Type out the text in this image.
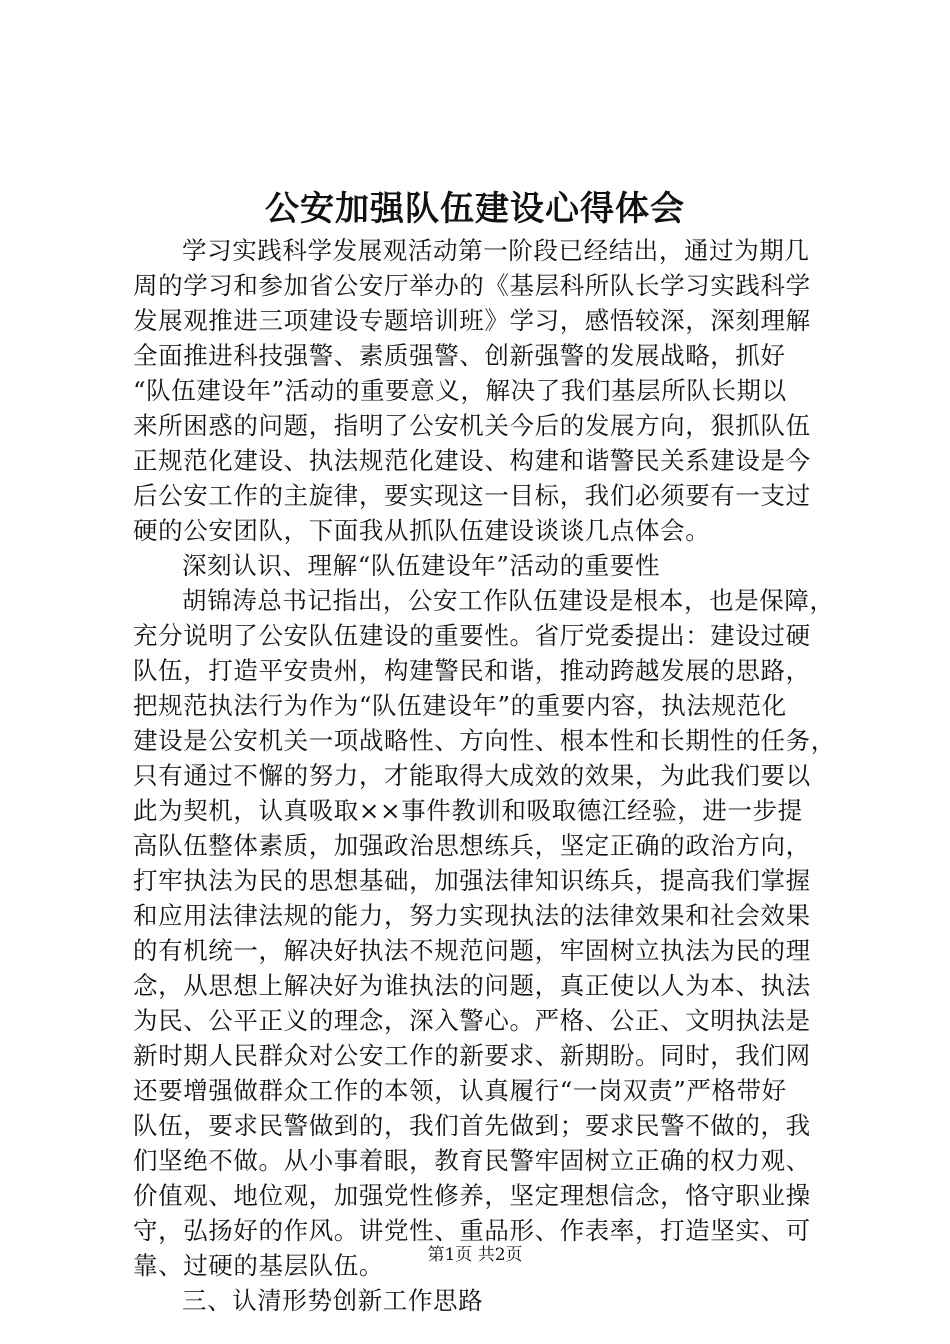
公安加强队伍建设心得体会
学习实践科学发展观活动第一阶段已经结出，通过为期几
周的学习和参加省公安厅举办的《基层科所队长学习实践科学
发展观推进三项建设专题培训班》学习，感悟较深，深刻理解
全面推进科技强警、素质强警、创新强警的发展战略，抓好
“队伍建设年”活动的重要意义，解决了我们基层所队长期以
来所困惑的问题，指明了公安机关今后的发展方向，狠抓队伍
正规范化建设、执法规范化建设、构建和谐警民关系建设是今
后公安工作的主旋律，要实现这一目标，我们必须要有一支过
硬的公安团队，下面我从抓队伍建设谈谈几点体会。
深刻认识、理解“队伍建设年”活动的重要性
胡锦涛总书记指出，公安工作队伍建设是根本，也是保障，
充分说明了公安队伍建设的重要性。省厅党委提出：建设过硬
队伍，打造平安贵州，构建警民和谐，推动跨越发展的思路，
把规范执法行为作为“队伍建设年”的重要内容，执法规范化
建设是公安机关一项战略性、方向性、根本性和长期性的任务，
只有通过不懈的努力，才能取得大成效的效果，为此我们要以
此为契机，认真吸取××事件教训和吸取德江经验，进一步提
高队伍整体素质，加强政治思想练兵，坚定正确的政治方向，
打牢执法为民的思想基础，加强法律知识练兵，提高我们掌握
和应用法律法规的能力，努力实现执法的法律效果和社会效果
的有机统一，解决好执法不规范问题，牢固树立执法为民的理
念，从思想上解决好为谁执法的问题，真正使以人为本、执法
为民、公平正义的理念，深入警心。严格、公正、文明执法是
新时期人民群众对公安工作的新要求、新期盼。同时，我们网
还要增强做群众工作的本领，认真履行“一岗双责”严格带好
队伍，要求民警做到的，我们首先做到；要求民警不做的，我
们坚绝不做。从小事着眼，教育民警牢固树立正确的权力观、
价值观、地位观，加强党性修养，坚定理想信念，恪守职业操
守，弘扬好的作风。讲党性、重品形、作表率，打造坚实、可
靠、过硬的基层队伍。
三、认清形势创新工作思路
第1页 共2页
